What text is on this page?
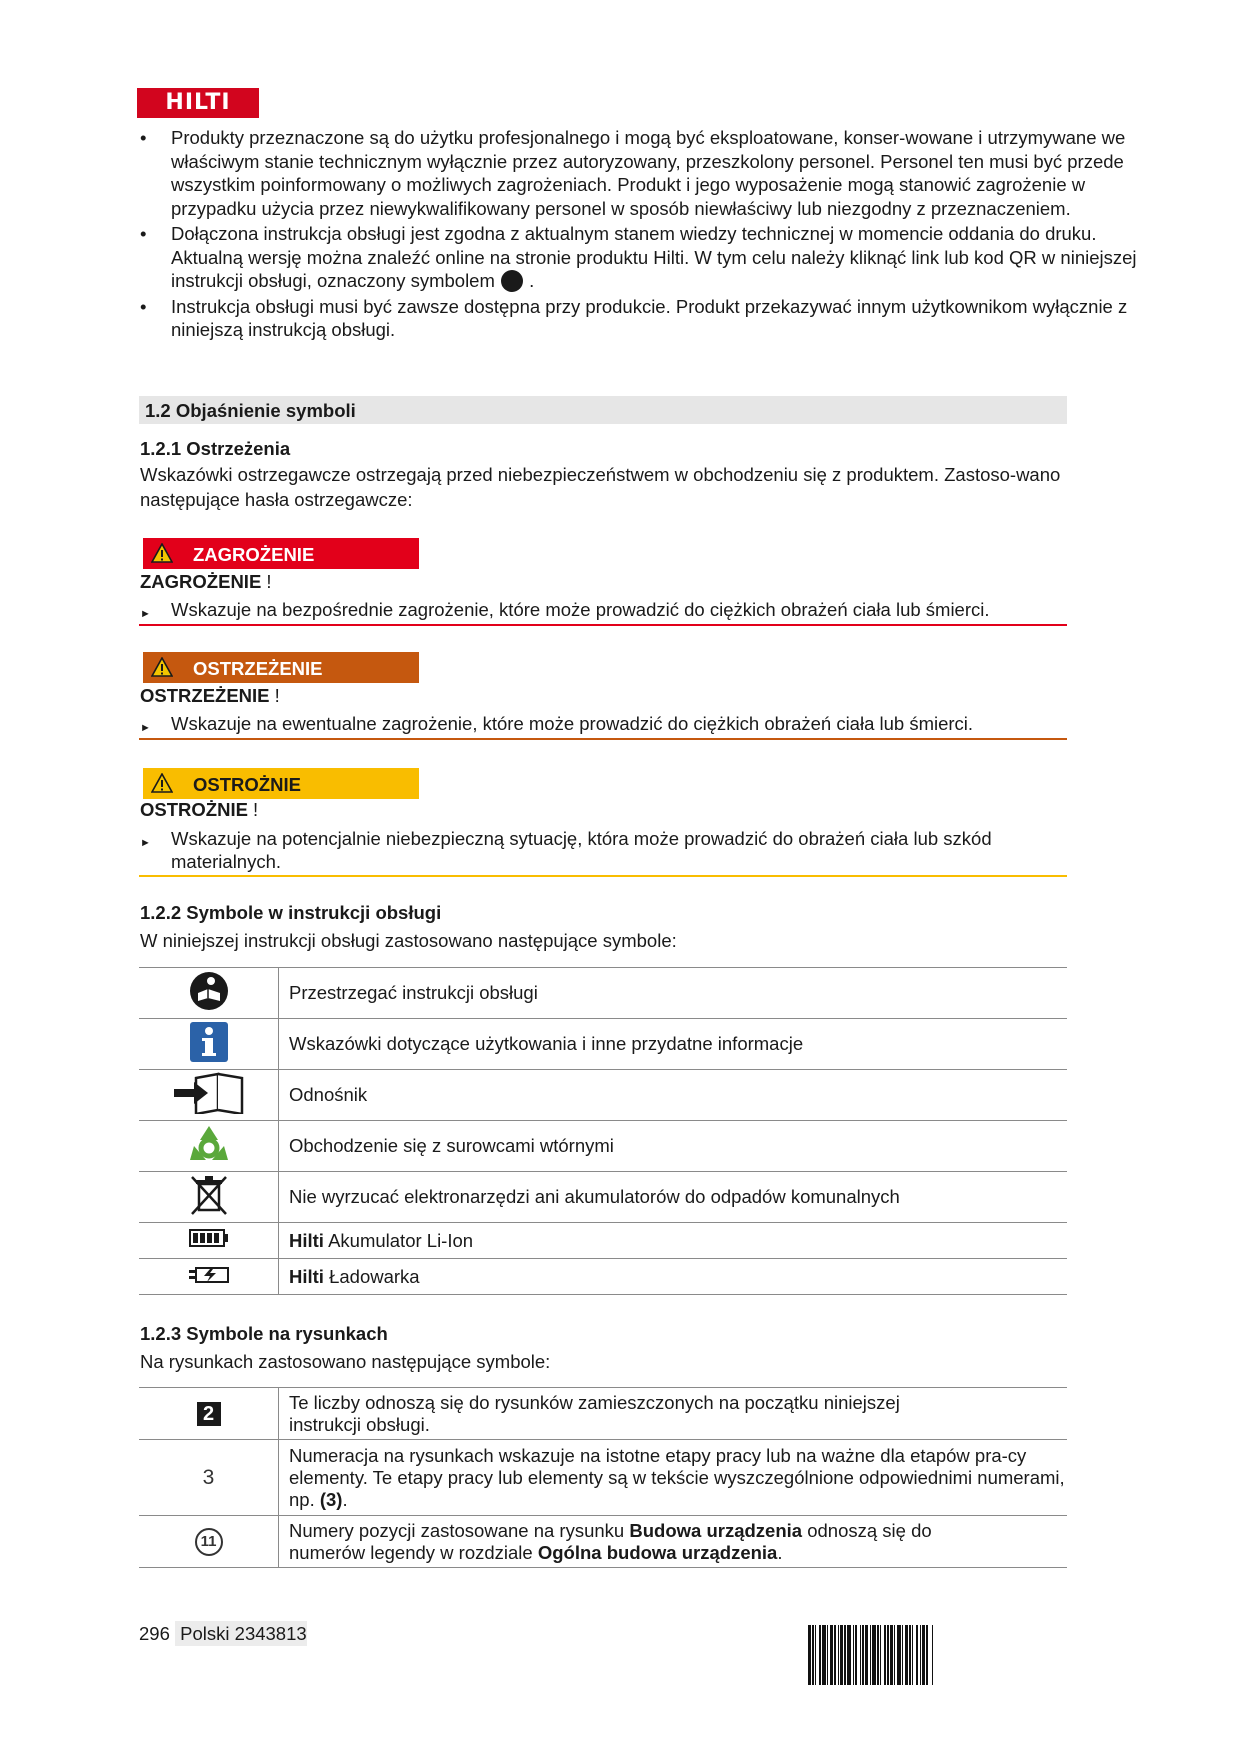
HILTI
• Produkty przeznaczone są do użytku profesjonalnego i mogą być eksploatowane, konser-wowane i utrzymywane we właściwym stanie technicznym wyłącznie przez autoryzowany, przeszkolony personel. Personel ten musi być przede wszystkim poinformowany o możliwych zagrożeniach. Produkt i jego wyposażenie mogą stanowić zagrożenie w przypadku użycia przez niewykwalifikowany personel w sposób niewłaściwy lub niezgodny z przeznaczeniem.
• Dołączona instrukcja obsługi jest zgodna z aktualnym stanem wiedzy technicznej w momencie oddania do druku. Aktualną wersję można znaleźć online na stronie produktu Hilti. W tym celu należy kliknąć link lub kod QR w niniejszej instrukcji obsługi, oznaczony symbolem .
• Instrukcja obsługi musi być zawsze dostępna przy produkcie. Produkt przekazywać innym użytkownikom wyłącznie z niniejszą instrukcją obsługi.
1.2 Objaśnienie symboli
1.2.1 Ostrzeżenia
Wskazówki ostrzegawcze ostrzegają przed niebezpieczeństwem w obchodzeniu się z produktem. Zastoso-wano następujące hasła ostrzegawcze:
ZAGROŻENIE
ZAGROŻENIE !
► Wskazuje na bezpośrednie zagrożenie, które może prowadzić do ciężkich obrażeń ciała lub śmierci.
OSTRZEŻENIE
OSTRZEŻENIE !
► Wskazuje na ewentualne zagrożenie, które może prowadzić do ciężkich obrażeń ciała lub śmierci.
OSTROŻNIE
OSTROŻNIE !
► Wskazuje na potencjalnie niebezpieczną sytuację, która może prowadzić do obrażeń ciała lub szkód materialnych.
1.2.2 Symbole w instrukcji obsługi
W niniejszej instrukcji obsługi zastosowano następujące symbole:
	Przestrzegać instrukcji obsługi
	Wskazówki dotyczące użytkowania i inne przydatne informacje
	Odnośnik
	Obchodzenie się z surowcami wtórnymi
	Nie wyrzucać elektronarzędzi ani akumulatorów do odpadów komunalnych
	Hilti Akumulator Li-Ion
	Hilti Ładowarka
1.2.3 Symbole na rysunkach
Na rysunkach zastosowano następujące symbole:
2	Te liczby odnoszą się do rysunków zamieszczonych na początku niniejszej instrukcji obsługi.
3	Numeracja na rysunkach wskazuje na istotne etapy pracy lub na ważne dla etapów pra-cy elementy. Te etapy pracy lub elementy są w tekście wyszczególnione odpowiednimi numerami, np. (3).
11	Numery pozycji zastosowane na rysunku Budowa urządzenia odnoszą się do numerów legendy w rozdziale Ogólna budowa urządzenia.
296 Polski 2343813
